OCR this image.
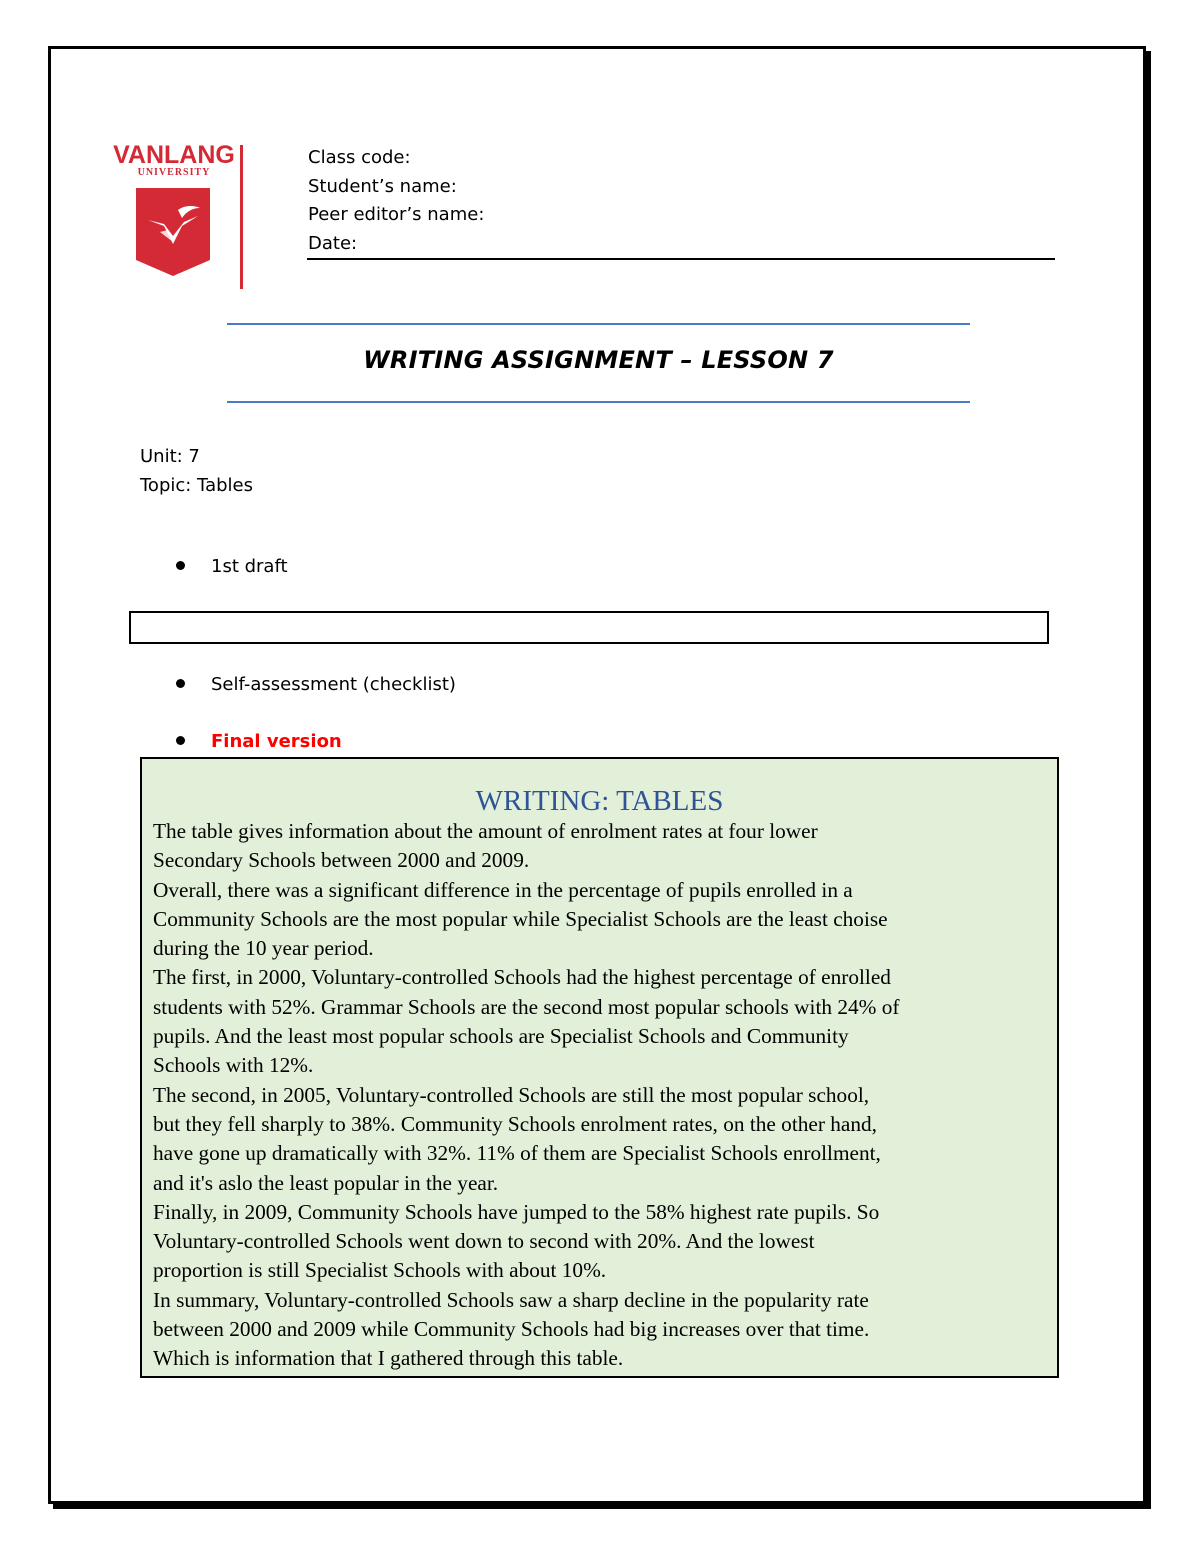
VANLANG
UNIVERSITY
Class code:
Student’s name:
Peer editor’s name:
Date:
WRITING ASSIGNMENT – LESSON 7
Unit: 7
Topic: Tables
1st draft
Self-assessment (checklist)
Final version
WRITING: TABLES

The table gives information about the amount of enrolment rates at four lower

Secondary Schools between 2000 and 2009.

Overall, there was a significant difference in the percentage of pupils enrolled in a

Community Schools are the most popular while Specialist Schools are the least choise

during the 10 year period.

The first, in 2000, Voluntary-controlled Schools had the highest percentage of enrolled

students with 52%. Grammar Schools are the second most popular schools with 24% of

pupils. And the least most popular schools are Specialist Schools and Community

Schools with 12%.

The second, in 2005, Voluntary-controlled Schools are still the most popular school,

but they fell sharply to 38%. Community Schools enrolment rates, on the other hand,

have gone up dramatically with 32%. 11% of them are Specialist Schools enrollment,

and it's aslo the least popular in the year.

Finally, in 2009, Community Schools have jumped to the 58% highest rate pupils. So

Voluntary-controlled Schools went down to second with 20%. And the lowest

proportion is still Specialist Schools with about 10%.

In summary, Voluntary-controlled Schools saw a sharp decline in the popularity rate

between 2000 and 2009 while Community Schools had big increases over that time.

Which is information that I gathered through this table.
